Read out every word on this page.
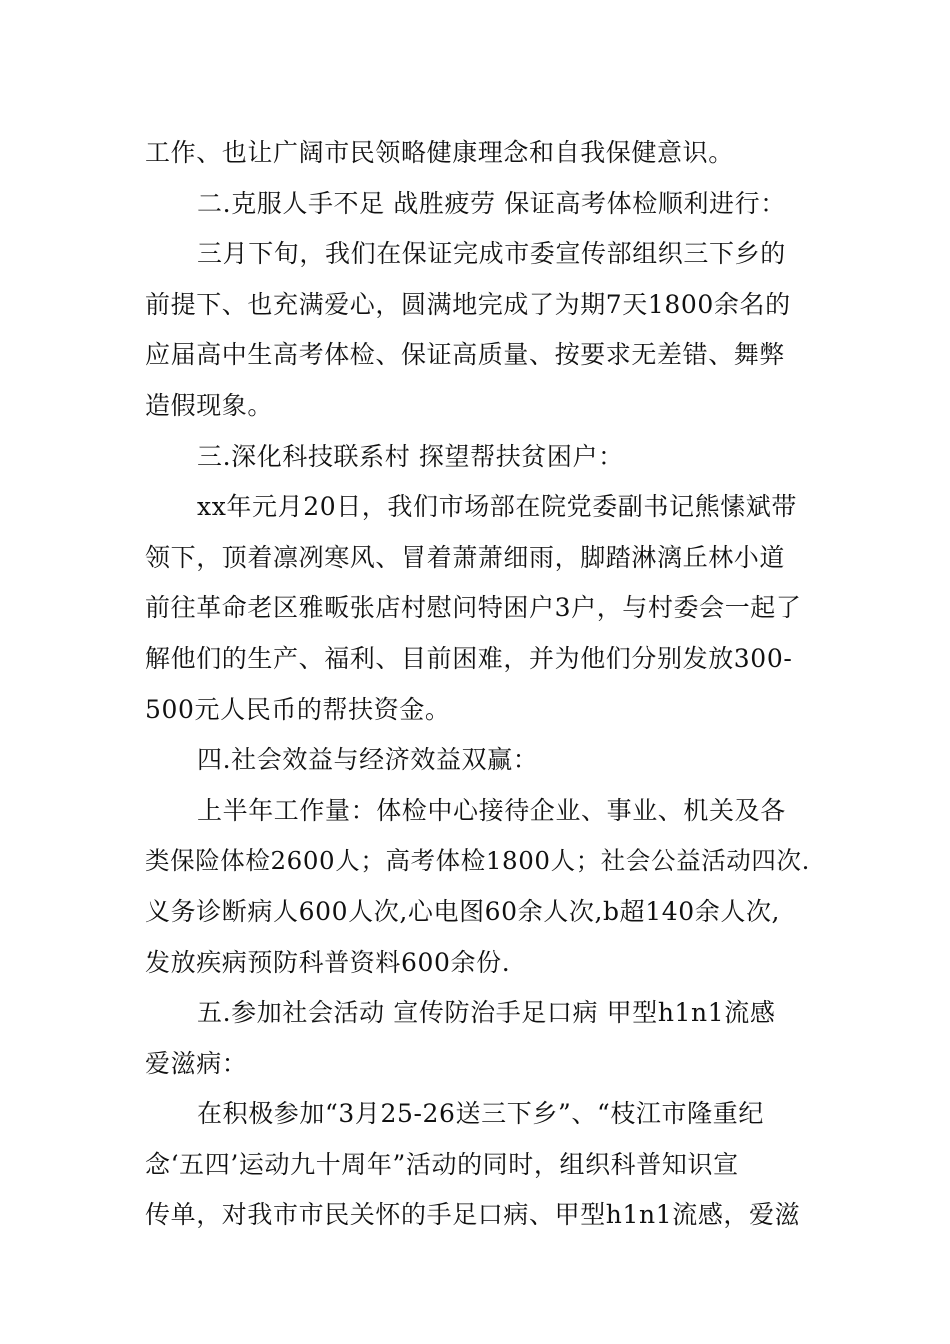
工作、也让广阔市民领略健康理念和自我保健意识。
二.克服人手不足 战胜疲劳 保证高考体检顺利进行：
三月下旬，我们在保证完成市委宣传部组织三下乡的
前提下、也充满爱心，圆满地完成了为期7天1800余名的
应届高中生高考体检、保证高质量、按要求无差错、舞弊
造假现象。
三.深化科技联系村 探望帮扶贫困户：
xx年元月20日，我们市场部在院党委副书记熊愫斌带
领下，顶着凛冽寒风、冒着萧萧细雨，脚踏淋漓丘林小道
前往革命老区雅畈张店村慰问特困户3户，与村委会一起了
解他们的生产、福利、目前困难，并为他们分别发放300-
500元人民币的帮扶资金。
四.社会效益与经济效益双赢：
上半年工作量：体检中心接待企业、事业、机关及各
类保险体检2600人；高考体检1800人；社会公益活动四次.
义务诊断病人600人次,心电图60余人次,b超140余人次,
发放疾病预防科普资料600余份.
五.参加社会活动 宣传防治手足口病 甲型h1n1流感
爱滋病：
在积极参加“3月25-26送三下乡”、“枝江市隆重纪
念‘五四’运动九十周年”活动的同时，组织科普知识宣
传单，对我市市民关怀的手足口病、甲型h1n1流感，爱滋
